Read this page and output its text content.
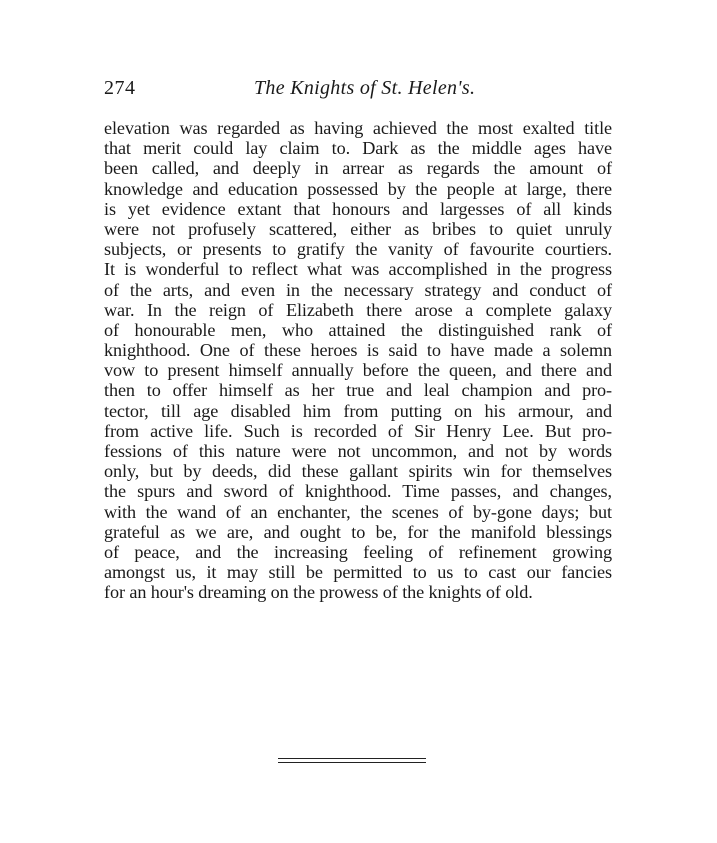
274	The Knights of St. Helen's.
elevation was regarded as having achieved the most exalted title
that merit could lay claim to. Dark as the middle ages have
been called, and deeply in arrear as regards the amount of
knowledge and education possessed by the people at large, there
is yet evidence extant that honours and largesses of all kinds
were not profusely scattered, either as bribes to quiet unruly
subjects, or presents to gratify the vanity of favourite courtiers.
It is wonderful to reflect what was accomplished in the progress
of the arts, and even in the necessary strategy and conduct of
war. In the reign of Elizabeth there arose a complete galaxy
of honourable men, who attained the distinguished rank of
knighthood. One of these heroes is said to have made a solemn
vow to present himself annually before the queen, and there and
then to offer himself as her true and leal champion and pro-
tector, till age disabled him from putting on his armour, and
from active life. Such is recorded of Sir Henry Lee. But pro-
fessions of this nature were not uncommon, and not by words
only, but by deeds, did these gallant spirits win for themselves
the spurs and sword of knighthood. Time passes, and changes,
with the wand of an enchanter, the scenes of by-gone days; but
grateful as we are, and ought to be, for the manifold blessings
of peace, and the increasing feeling of refinement growing
amongst us, it may still be permitted to us to cast our fancies
for an hour's dreaming on the prowess of the knights of old.
